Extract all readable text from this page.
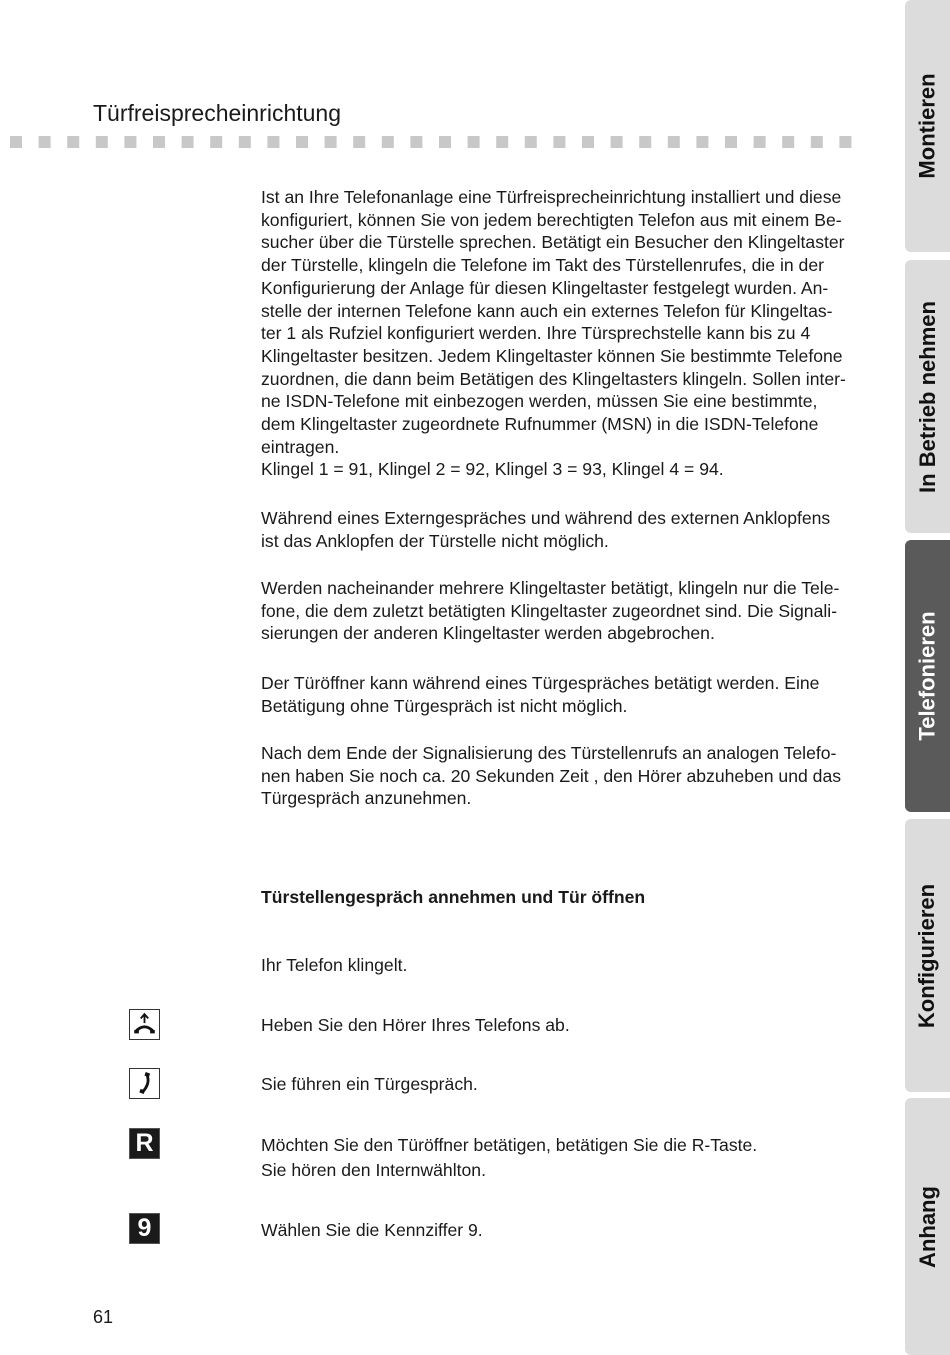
Türfreisprecheinrichtung

Ist an Ihre Telefonanlage eine Türfreisprecheinrichtung installiert und diese

konfiguriert, können Sie von jedem berechtigten Telefon aus mit einem Be-

sucher über die Türstelle sprechen. Betätigt ein Besucher den Klingeltaster

der Türstelle, klingeln die Telefone im Takt des Türstellenrufes, die in der

Konfigurierung der Anlage für diesen Klingeltaster festgelegt wurden. An-

stelle der internen Telefone kann auch ein externes Telefon für Klingeltas-

ter 1 als Rufziel konfiguriert werden. Ihre Türsprechstelle kann bis zu 4

Klingeltaster besitzen. Jedem Klingeltaster können Sie bestimmte Telefone

zuordnen, die dann beim Betätigen des Klingeltasters klingeln. Sollen inter-

ne ISDN-Telefone mit einbezogen werden, müssen Sie eine bestimmte,

dem Klingeltaster zugeordnete Rufnummer (MSN) in die ISDN-Telefone

eintragen.

Klingel 1 = 91, Klingel 2 = 92, Klingel 3 = 93, Klingel 4 = 94.

Während eines Externgespräches und während des externen Anklopfens

ist das Anklopfen der Türstelle nicht möglich.

Werden nacheinander mehrere Klingeltaster betätigt, klingeln nur die Tele-

fone, die dem zuletzt betätigten Klingeltaster zugeordnet sind. Die Signali-

sierungen der anderen Klingeltaster werden abgebrochen.

Der Türöffner kann während eines Türgespräches betätigt werden. Eine

Betätigung ohne Türgespräch ist nicht möglich.

Nach dem Ende der Signalisierung des Türstellenrufs an analogen Telefo-

nen haben Sie noch ca. 20 Sekunden Zeit , den Hörer abzuheben und das

Türgespräch anzunehmen.

Türstellengespräch annehmen und Tür öffnen

Ihr Telefon klingelt.

Heben Sie den Hörer Ihres Telefons ab.

Sie führen ein Türgespräch.

R	Möchten Sie den Türöffner betätigen, betätigen Sie die R-Taste.

Sie hören den Internwählton.

9	Wählen Sie die Kennziffer 9.

61
Montieren
In Betrieb nehmen
Telefonieren
Konfigurieren
Anhang
